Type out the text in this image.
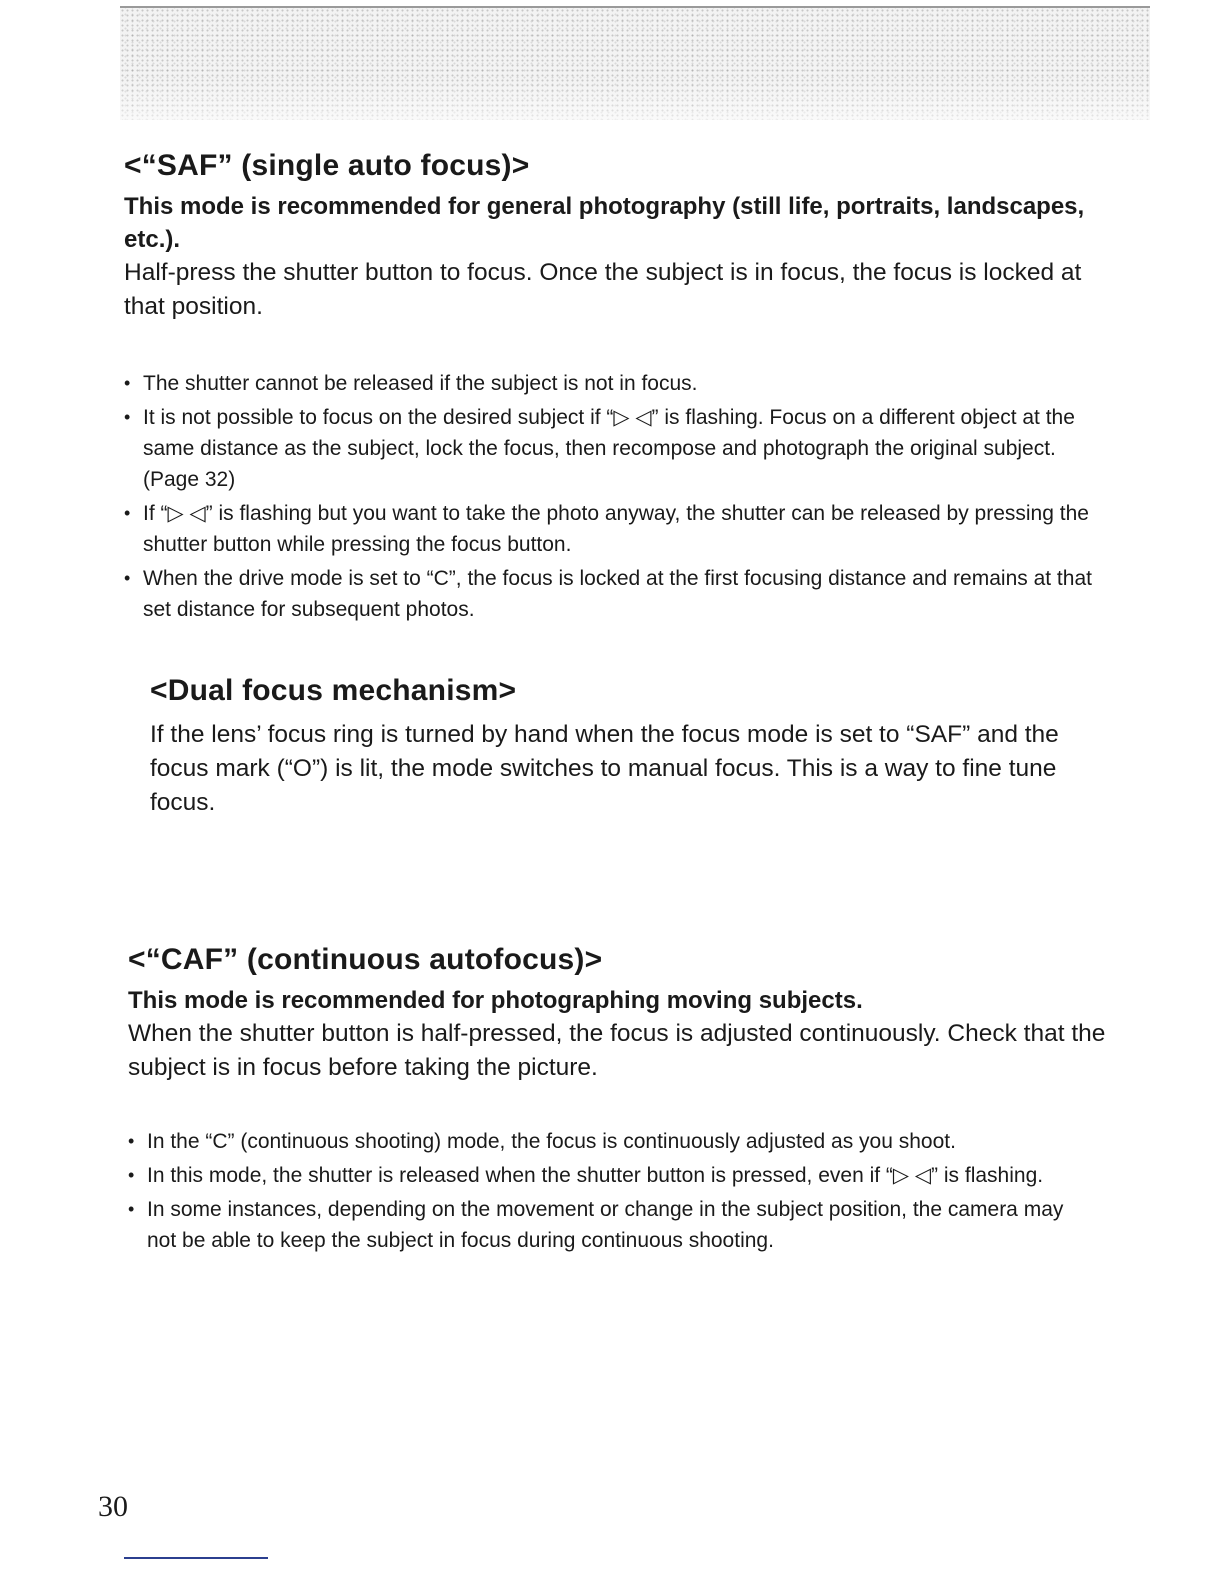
<“SAF” (single auto focus)>

This mode is recommended for general photography (still life, portraits, landscapes, etc.).

Half-press the shutter button to focus. Once the subject is in focus, the focus is locked at that position.

• The shutter cannot be released if the subject is not in focus.
• It is not possible to focus on the desired subject if “▷ ◁” is flashing. Focus on a different object at the same distance as the subject, lock the focus, then recompose and photograph the original subject. (Page 32)
• If “▷ ◁” is flashing but you want to take the photo anyway, the shutter can be released by pressing the shutter button while pressing the focus button.
• When the drive mode is set to “C”, the focus is locked at the first focusing distance and remains at that set distance for subsequent photos.
<Dual focus mechanism>

If the lens’ focus ring is turned by hand when the focus mode is set to “SAF” and the focus mark (“O”) is lit, the mode switches to manual focus. This is a way to fine tune focus.

<“CAF” (continuous autofocus)>

This mode is recommended for photographing moving subjects.

When the shutter button is half-pressed, the focus is adjusted continuously. Check that the subject is in focus before taking the picture.

• In the “C” (continuous shooting) mode, the focus is continuously adjusted as you shoot.
• In this mode, the shutter is released when the shutter button is pressed, even if “▷ ◁” is flashing.
• In some instances, depending on the movement or change in the subject position, the camera may not be able to keep the subject in focus during continuous shooting.
30
